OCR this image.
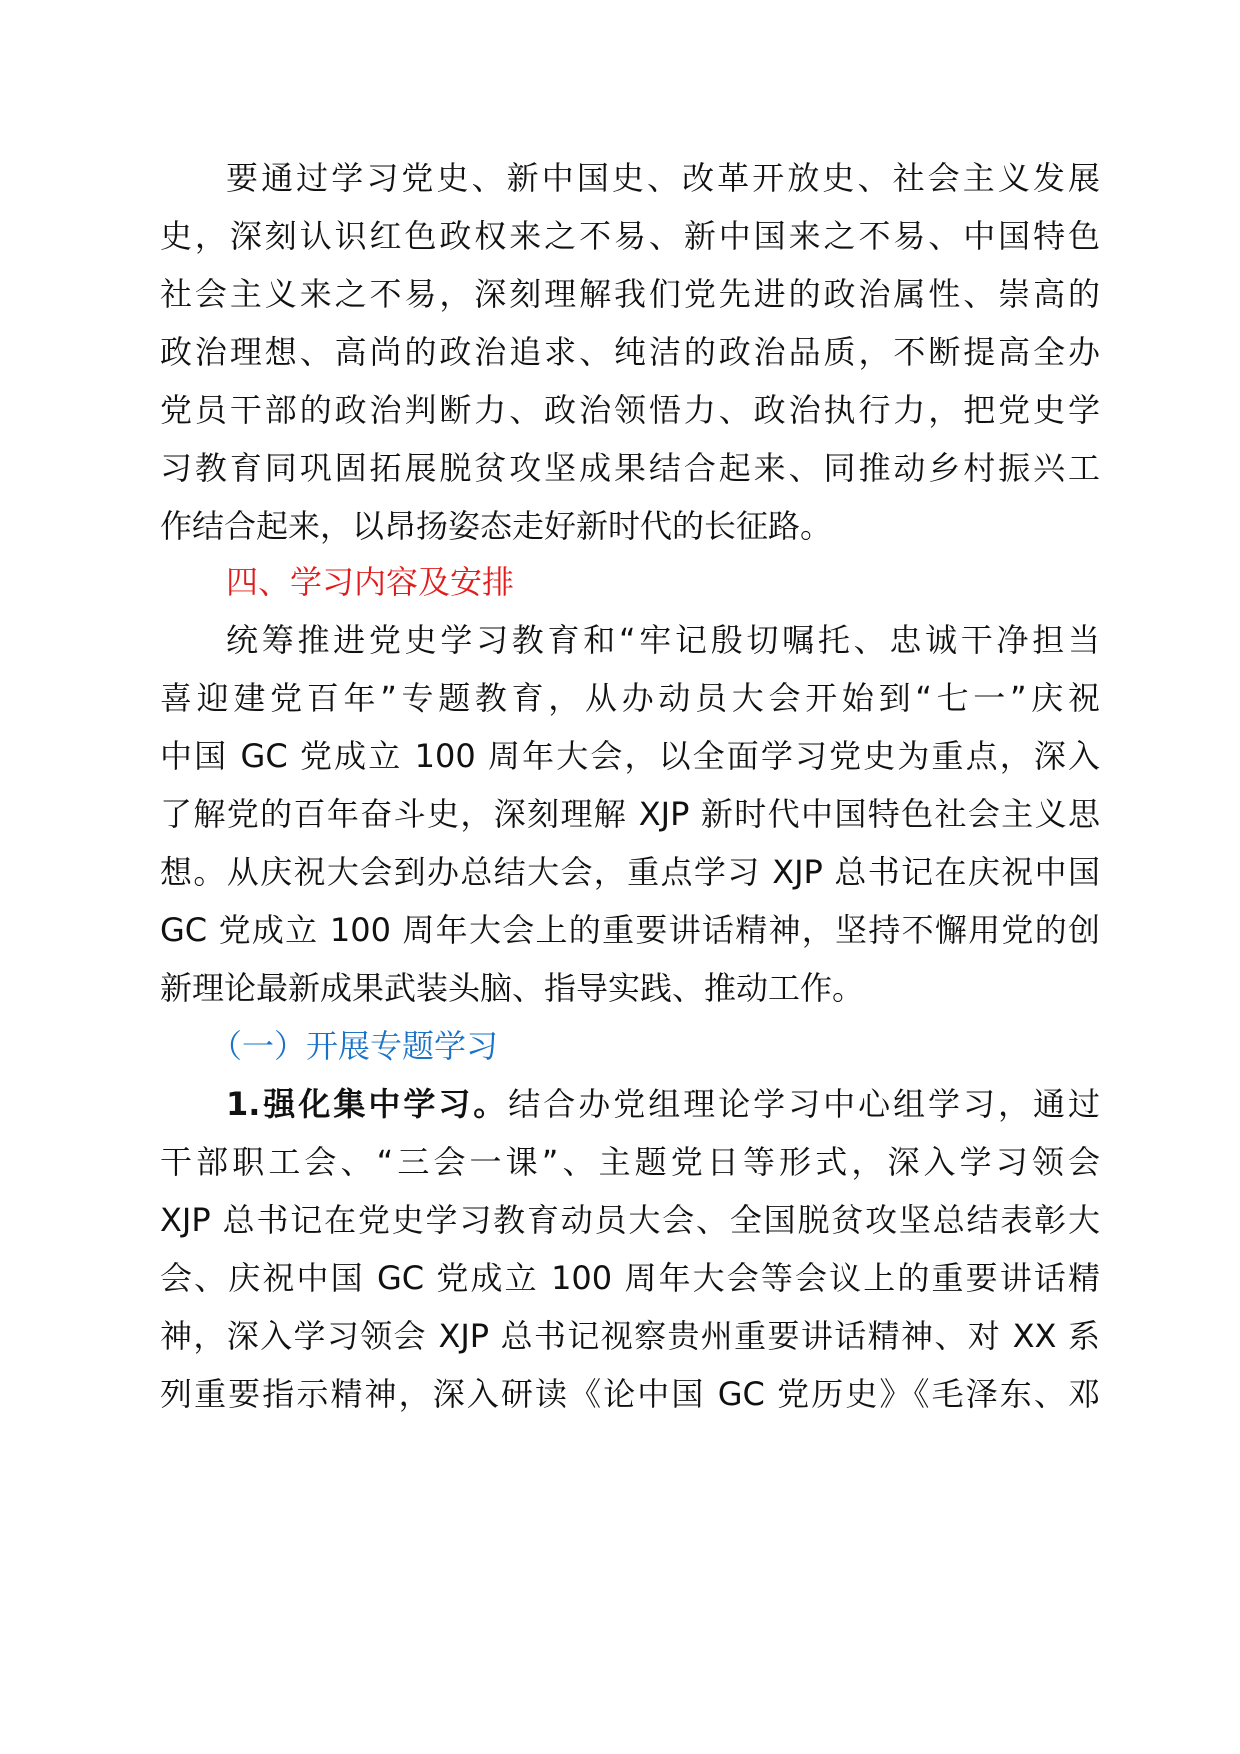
要通过学习党史、新中国史、改革开放史、社会主义发展
史，深刻认识红色政权来之不易、新中国来之不易、中国特色
社会主义来之不易，深刻理解我们党先进的政治属性、崇高的
政治理想、高尚的政治追求、纯洁的政治品质，不断提高全办
党员干部的政治判断力、政治领悟力、政治执行力，把党史学
习教育同巩固拓展脱贫攻坚成果结合起来、同推动乡村振兴工
作结合起来，以昂扬姿态走好新时代的长征路。
四、学习内容及安排
统筹推进党史学习教育和“牢记殷切嘱托、忠诚干净担当
喜迎建党百年”专题教育，从办动员大会开始到“七一”庆祝
中国 GC 党成立 100 周年大会，以全面学习党史为重点，深入
了解党的百年奋斗史，深刻理解 XJP 新时代中国特色社会主义思
想。从庆祝大会到办总结大会，重点学习 XJP 总书记在庆祝中国
GC 党成立 100 周年大会上的重要讲话精神，坚持不懈用党的创
新理论最新成果武装头脑、指导实践、推动工作。
（一）开展专题学习
1.强化集中学习。结合办党组理论学习中心组学习，通过
干部职工会、“三会一课”、主题党日等形式，深入学习领会
XJP 总书记在党史学习教育动员大会、全国脱贫攻坚总结表彰大
会、庆祝中国 GC 党成立 100 周年大会等会议上的重要讲话精
神，深入学习领会 XJP 总书记视察贵州重要讲话精神、对 XX 系
列重要指示精神，深入研读《论中国 GC 党历史》《毛泽东、邓
